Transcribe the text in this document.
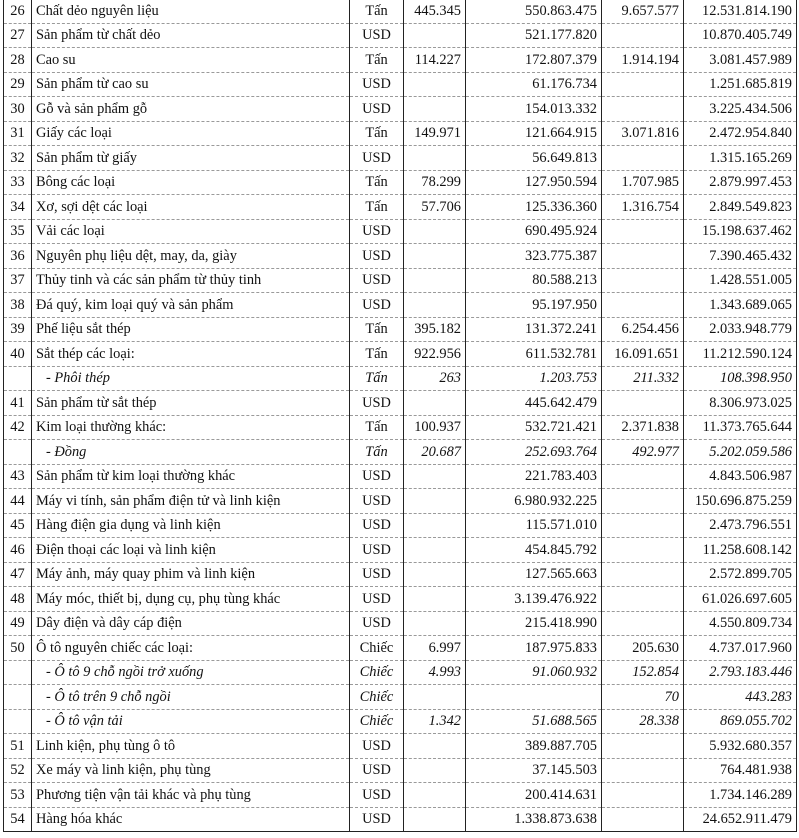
26	Chất dẻo nguyên liệu	Tấn	445.345	550.863.475	9.657.577	12.531.814.190
27	Sản phẩm từ chất dẻo	USD		521.177.820		10.870.405.749
28	Cao su	Tấn	114.227	172.807.379	1.914.194	3.081.457.989
29	Sản phẩm từ cao su	USD		61.176.734		1.251.685.819
30	Gỗ và sản phẩm gỗ	USD		154.013.332		3.225.434.506
31	Giấy các loại	Tấn	149.971	121.664.915	3.071.816	2.472.954.840
32	Sản phẩm từ giấy	USD		56.649.813		1.315.165.269
33	Bông các loại	Tấn	78.299	127.950.594	1.707.985	2.879.997.453
34	Xơ, sợi dệt các loại	Tấn	57.706	125.336.360	1.316.754	2.849.549.823
35	Vải các loại	USD		690.495.924		15.198.637.462
36	Nguyên phụ liệu dệt, may, da, giày	USD		323.775.387		7.390.465.432
37	Thủy tinh và các sản phẩm từ thủy tinh	USD		80.588.213		1.428.551.005
38	Đá quý, kim loại quý và sản phẩm	USD		95.197.950		1.343.689.065
39	Phế liệu sắt thép	Tấn	395.182	131.372.241	6.254.456	2.033.948.779
40	Sắt thép các loại:	Tấn	922.956	611.532.781	16.091.651	11.212.590.124
	- Phôi thép	Tấn	263	1.203.753	211.332	108.398.950
41	Sản phẩm từ sắt thép	USD		445.642.479		8.306.973.025
42	Kim loại thường khác:	Tấn	100.937	532.721.421	2.371.838	11.373.765.644
	- Đồng	Tấn	20.687	252.693.764	492.977	5.202.059.586
43	Sản phẩm từ kim loại thường khác	USD		221.783.403		4.843.506.987
44	Máy vi tính, sản phẩm điện tử và linh kiện	USD		6.980.932.225		150.696.875.259
45	Hàng điện gia dụng và linh kiện	USD		115.571.010		2.473.796.551
46	Điện thoại các loại và linh kiện	USD		454.845.792		11.258.608.142
47	Máy ảnh, máy quay phim và linh kiện	USD		127.565.663		2.572.899.705
48	Máy móc, thiết bị, dụng cụ, phụ tùng khác	USD		3.139.476.922		61.026.697.605
49	Dây điện và dây cáp điện	USD		215.418.990		4.550.809.734
50	Ô tô nguyên chiếc các loại:	Chiếc	6.997	187.975.833	205.630	4.737.017.960
	- Ô tô 9 chỗ ngồi trở xuống	Chiếc	4.993	91.060.932	152.854	2.793.183.446
	- Ô tô trên 9 chỗ ngồi	Chiếc			70	443.283
	- Ô tô vận tải	Chiếc	1.342	51.688.565	28.338	869.055.702
51	Linh kiện, phụ tùng ô tô	USD		389.887.705		5.932.680.357
52	Xe máy và linh kiện, phụ tùng	USD		37.145.503		764.481.938
53	Phương tiện vận tải khác và phụ tùng	USD		200.414.631		1.734.146.289
54	Hàng hóa khác	USD		1.338.873.638		24.652.911.479
